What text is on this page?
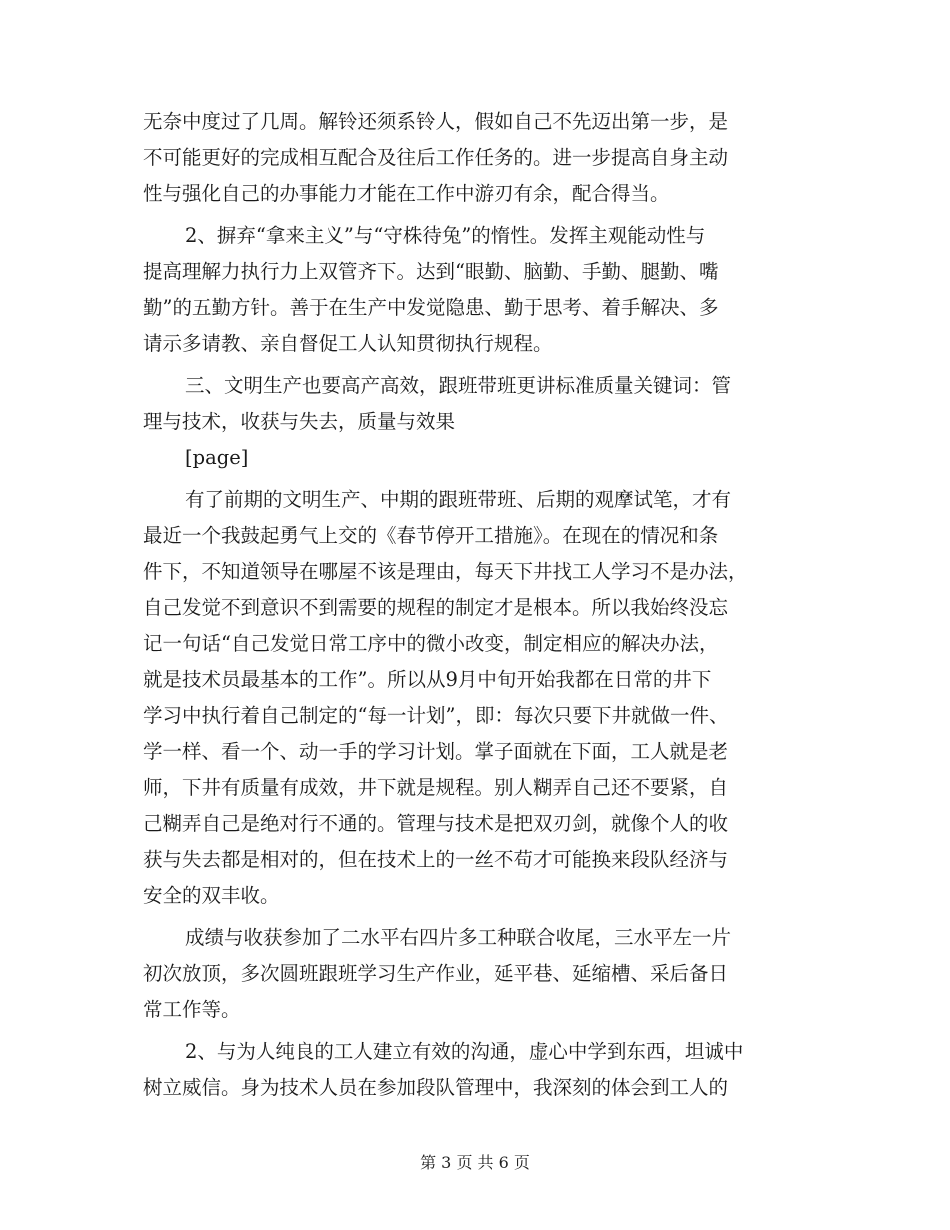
无奈中度过了几周。解铃还须系铃人，假如自己不先迈出第一步，是
不可能更好的完成相互配合及往后工作任务的。进一步提高自身主动
性与强化自己的办事能力才能在工作中游刃有余，配合得当。

2、摒弃“拿来主义”与“守株待兔”的惰性。发挥主观能动性与
提高理解力执行力上双管齐下。达到“眼勤、脑勤、手勤、腿勤、嘴
勤”的五勤方针。善于在生产中发觉隐患、勤于思考、着手解决、多
请示多请教、亲自督促工人认知贯彻执行规程。

三、文明生产也要高产高效，跟班带班更讲标准质量关键词：管
理与技术，收获与失去，质量与效果

[page]

有了前期的文明生产、中期的跟班带班、后期的观摩试笔，才有
最近一个我鼓起勇气上交的《春节停开工措施》。在现在的情况和条
件下，不知道领导在哪屋不该是理由，每天下井找工人学习不是办法，
自己发觉不到意识不到需要的规程的制定才是根本。所以我始终没忘
记一句话“自己发觉日常工序中的微小改变，制定相应的解决办法，
就是技术员最基本的工作”。所以从9月中旬开始我都在日常的井下
学习中执行着自己制定的“每一计划”，即：每次只要下井就做一件、
学一样、看一个、动一手的学习计划。掌子面就在下面，工人就是老
师，下井有质量有成效，井下就是规程。别人糊弄自己还不要紧，自
己糊弄自己是绝对行不通的。管理与技术是把双刃剑，就像个人的收
获与失去都是相对的，但在技术上的一丝不苟才可能换来段队经济与
安全的双丰收。

成绩与收获参加了二水平右四片多工种联合收尾，三水平左一片
初次放顶，多次圆班跟班学习生产作业，延平巷、延缩槽、采后备日
常工作等。

2、与为人纯良的工人建立有效的沟通，虚心中学到东西，坦诚中
树立威信。身为技术人员在参加段队管理中，我深刻的体会到工人的

第 3 页 共 6 页
